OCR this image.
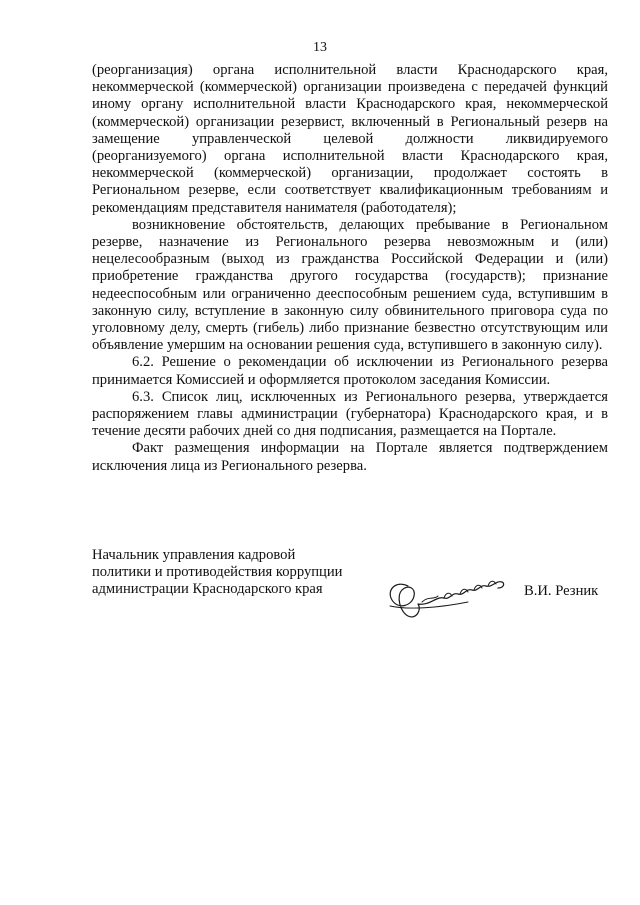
13

(реорганизация) органа исполнительной власти Краснодарского края, некоммерческой (коммерческой) организации произведена с передачей функций иному органу исполнительной власти Краснодарского края, некоммерческой (коммерческой) организации резервист, включенный в Региональный резерв на замещение управленческой целевой должности ликвидируемого (реорганизуемого) органа исполнительной власти Краснодарского края, некоммерческой (коммерческой) организации, продолжает состоять в Региональном резерве, если соответствует квалификационным требованиям и рекомендациям представителя нанимателя (работодателя);

возникновение обстоятельств, делающих пребывание в Региональном резерве, назначение из Регионального резерва невозможным и (или) нецелесообразным (выход из гражданства Российской Федерации и (или) приобретение гражданства другого государства (государств); признание недееспособным или ограниченно дееспособным решением суда, вступившим в законную силу, вступление в законную силу обвинительного приговора суда по уголовному делу, смерть (гибель) либо признание безвестно отсутствующим или объявление умершим на основании решения суда, вступившего в законную силу).

6.2. Решение о рекомендации об исключении из Регионального резерва принимается Комиссией и оформляется протоколом заседания Комиссии.

6.3. Список лиц, исключенных из Регионального резерва, утверждается распоряжением главы администрации (губернатора) Краснодарского края, и в течение десяти рабочих дней со дня подписания, размещается на Портале.

Факт размещения информации на Портале является подтверждением исключения лица из Регионального резерва.

Начальник управления кадровой
политики и противодействия коррупции
администрации Краснодарского края	В.И. Резник
